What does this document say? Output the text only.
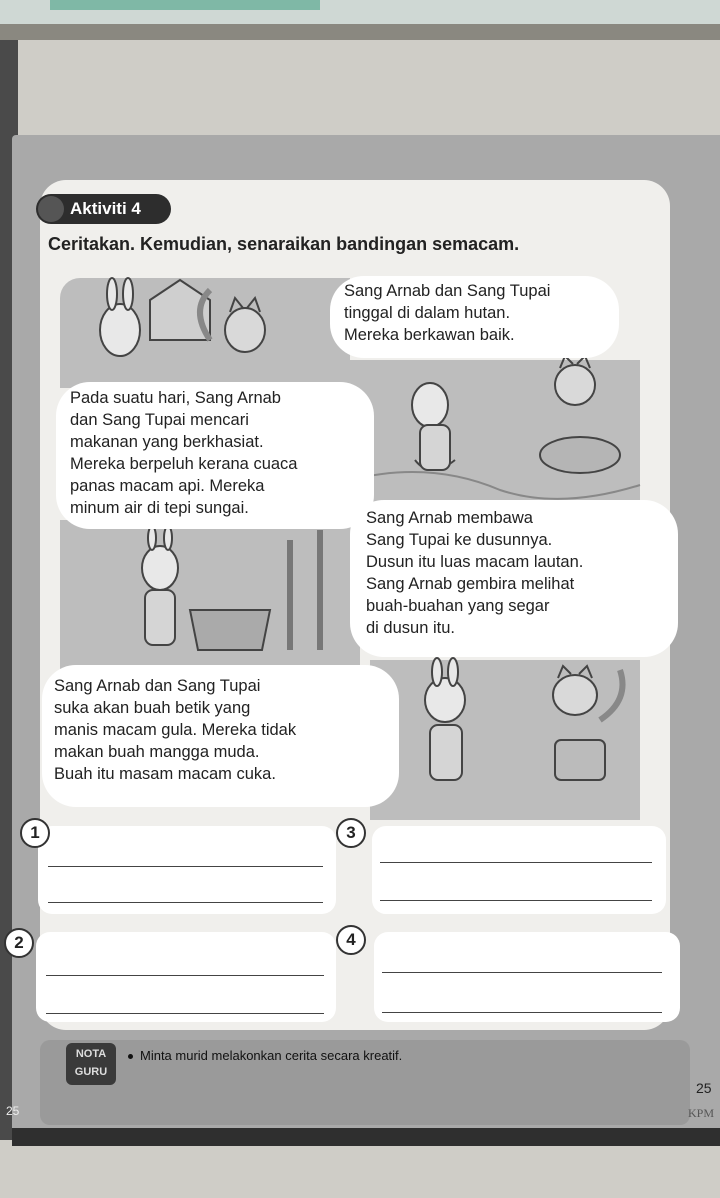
Aktiviti 4
Ceritakan. Kemudian, senaraikan bandingan semacam.
Sang Arnab dan Sang Tupai
tinggal di dalam hutan.
Mereka berkawan baik.
Pada suatu hari, Sang Arnab
dan Sang Tupai mencari
makanan yang berkhasiat.
Mereka berpeluh kerana cuaca
panas macam api. Mereka
minum air di tepi sungai.
Sang Arnab membawa
Sang Tupai ke dusunnya.
Dusun itu luas macam lautan.
Sang Arnab gembira melihat
buah-buahan yang segar
di dusun itu.
Sang Arnab dan Sang Tupai
suka akan buah betik yang
manis macam gula. Mereka tidak
makan buah mangga muda.
Buah itu masam macam cuka.
1	3
2	4
NOTA GURU
Minta murid melakonkan cerita secara kreatif.
25
25	KPM
